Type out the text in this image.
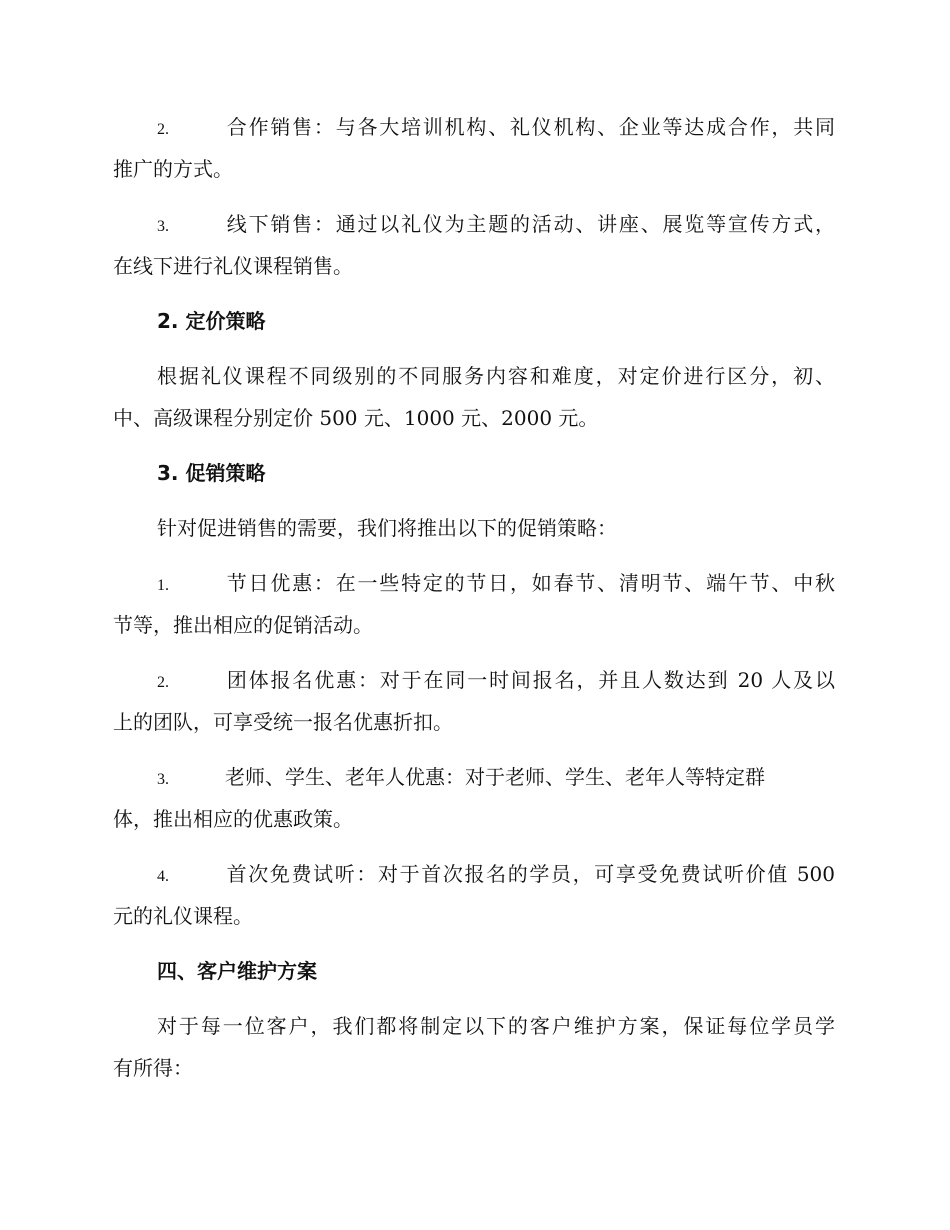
2.	合作销售：与各大培训机构、礼仪机构、企业等达成合作，共同
推广的方式。
3.	线下销售：通过以礼仪为主题的活动、讲座、展览等宣传方式，
在线下进行礼仪课程销售。
2. 定价策略
根据礼仪课程不同级别的不同服务内容和难度，对定价进行区分，初、
中、高级课程分别定价 500 元、1000 元、2000 元。
3. 促销策略
针对促进销售的需要，我们将推出以下的促销策略：
1.	节日优惠：在一些特定的节日，如春节、清明节、端午节、中秋
节等，推出相应的促销活动。
2.	团体报名优惠：对于在同一时间报名，并且人数达到 20 人及以
上的团队，可享受统一报名优惠折扣。
3.	老师、学生、老年人优惠：对于老师、学生、老年人等特定群
体，推出相应的优惠政策。
4.	首次免费试听：对于首次报名的学员，可享受免费试听价值 500
元的礼仪课程。
四、客户维护方案
对于每一位客户，我们都将制定以下的客户维护方案，保证每位学员学
有所得：
